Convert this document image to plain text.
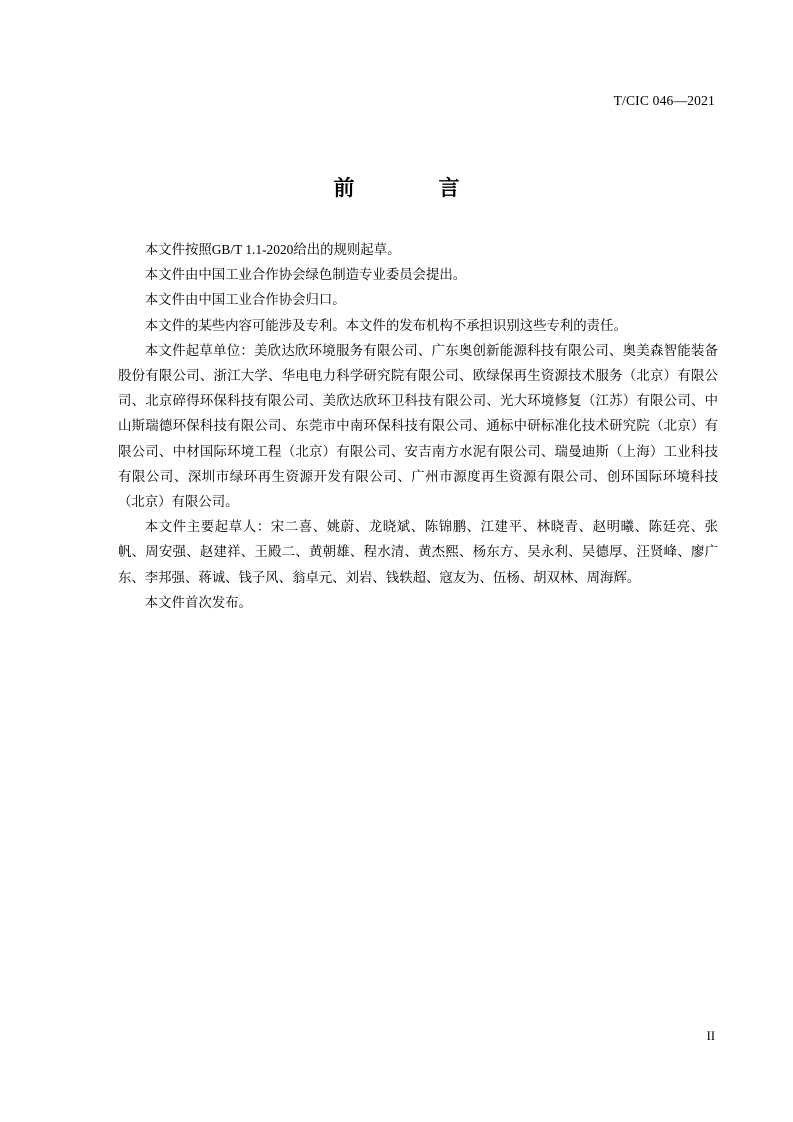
T/CIC 046—2021
前　　言

本文件按照GB/T 1.1-2020给出的规则起草。

本文件由中国工业合作协会绿色制造专业委员会提出。

本文件由中国工业合作协会归口。

本文件的某些内容可能涉及专利。本文件的发布机构不承担识别这些专利的责任。

本文件起草单位：美欣达欣环境服务有限公司、广东奥创新能源科技有限公司、奥美森智能装备股份有限公司、浙江大学、华电电力科学研究院有限公司、欧绿保再生资源技术服务（北京）有限公司、北京碎得环保科技有限公司、美欣达欣环卫科技有限公司、光大环境修复（江苏）有限公司、中山斯瑞德环保科技有限公司、东莞市中南环保科技有限公司、通标中研标准化技术研究院（北京）有限公司、中材国际环境工程（北京）有限公司、安吉南方水泥有限公司、瑞曼迪斯（上海）工业科技有限公司、深圳市绿环再生资源开发有限公司、广州市源度再生资源有限公司、创环国际环境科技（北京）有限公司。

本文件主要起草人：宋二喜、姚蔚、龙晓斌、陈锦鹏、江建平、林晓青、赵明曦、陈廷亮、张帆、周安强、赵建祥、王殿二、黄朝雄、程水清、黄杰熙、杨东方、吴永利、吴德厚、汪贤峰、廖广东、李邦强、蒋诚、钱子风、翁卓元、刘岩、钱轶超、寇友为、伍杨、胡双林、周海辉。

本文件首次发布。

II
